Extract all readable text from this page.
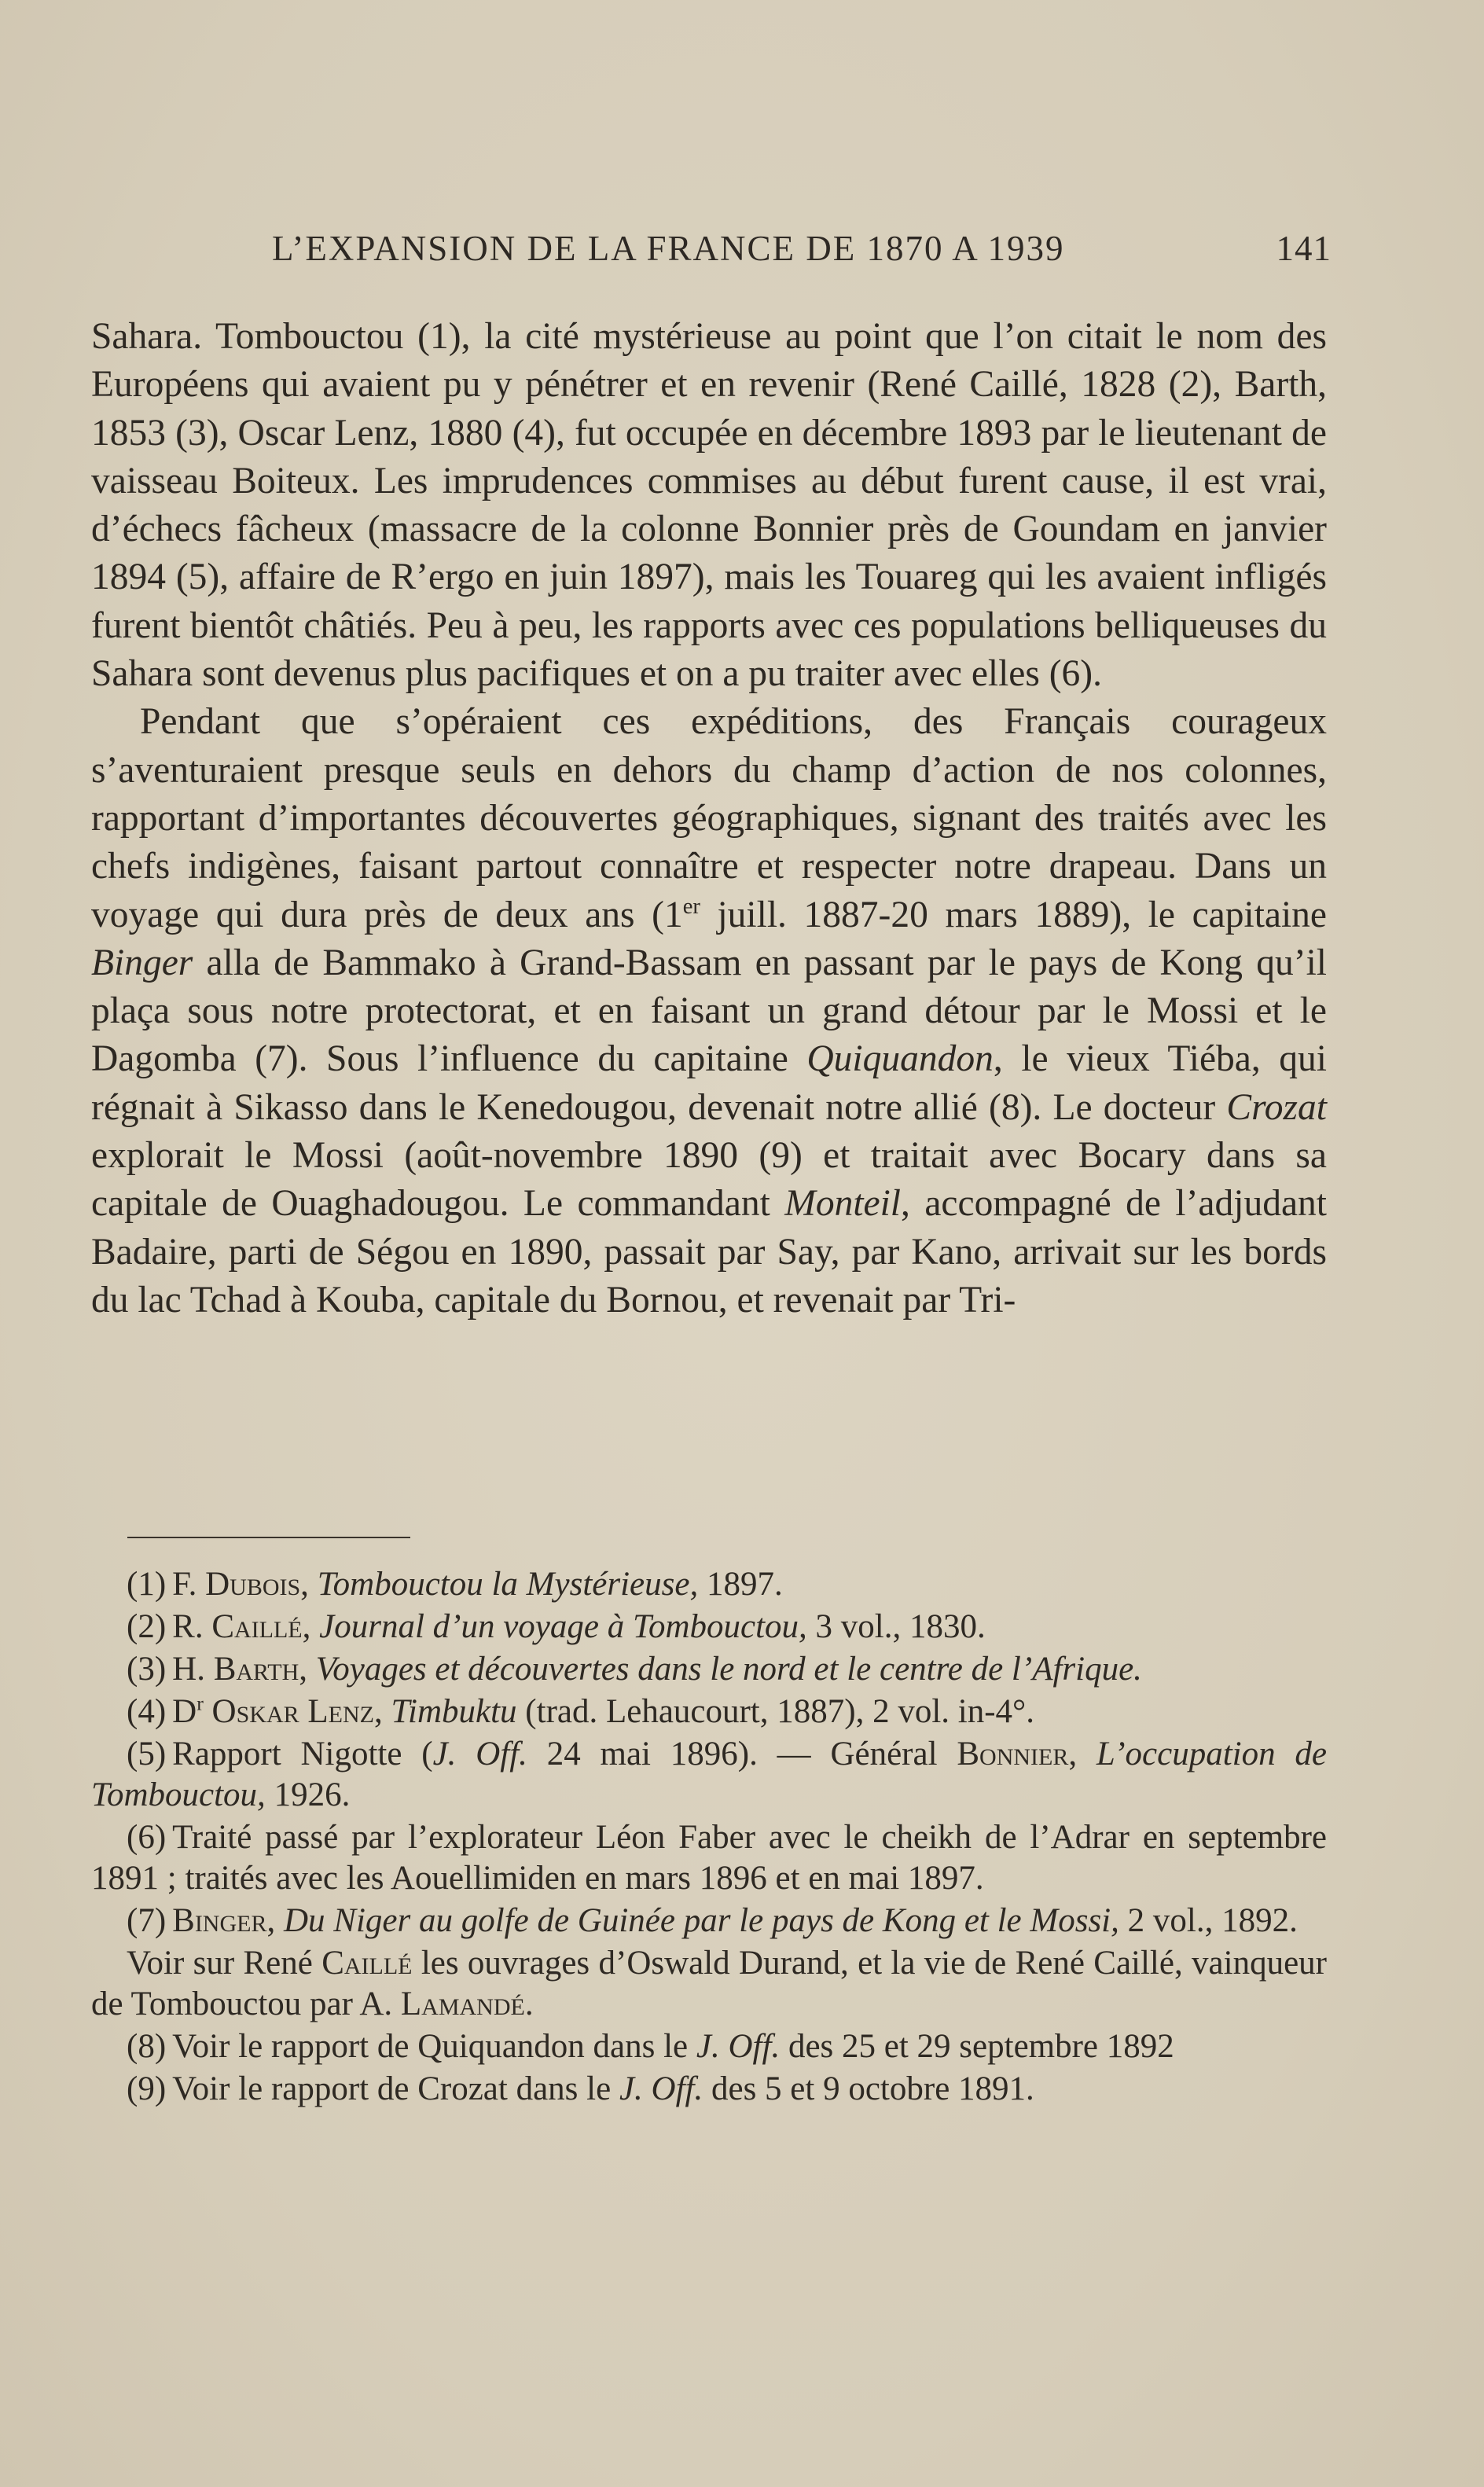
L’EXPANSION DE LA FRANCE DE 1870 A 1939	141

Sahara. Tombouctou (1), la cité mystérieuse au point que l’on citait le nom des Européens qui avaient pu y pénétrer et en revenir (René Caillé, 1828 (2), Barth, 1853 (3), Oscar Lenz, 1880 (4), fut occupée en décembre 1893 par le lieutenant de vaisseau Boiteux. Les imprudences commises au début furent cause, il est vrai, d’échecs fâcheux (massacre de la colonne Bonnier près de Goundam en janvier 1894 (5), affaire de R’ergo en juin 1897), mais les Touareg qui les avaient infligés furent bientôt châtiés. Peu à peu, les rapports avec ces populations belliqueuses du Sahara sont devenus plus pacifiques et on a pu traiter avec elles (6).

Pendant que s’opéraient ces expéditions, des Français courageux s’aventuraient presque seuls en dehors du champ d’action de nos colonnes, rapportant d’importantes découvertes géographiques, signant des traités avec les chefs indigènes, faisant partout connaître et respecter notre drapeau. Dans un voyage qui dura près de deux ans (1er juill. 1887-20 mars 1889), le capitaine Binger alla de Bammako à Grand-Bassam en passant par le pays de Kong qu’il plaça sous notre protectorat, et en faisant un grand détour par le Mossi et le Dagomba (7). Sous l’influence du capitaine Quiquandon, le vieux Tiéba, qui régnait à Sikasso dans le Kenedougou, devenait notre allié (8). Le docteur Crozat explorait le Mossi (août-novembre 1890 (9) et traitait avec Bocary dans sa capitale de Ouaghadougou. Le commandant Monteil, accompagné de l’adjudant Badaire, parti de Ségou en 1890, passait par Say, par Kano, arrivait sur les bords du lac Tchad à Kouba, capitale du Bornou, et revenait par Tri-

(1) F. Dubois, Tombouctou la Mystérieuse, 1897.

(2) R. Caillé, Journal d’un voyage à Tombouctou, 3 vol., 1830.

(3) H. Barth, Voyages et découvertes dans le nord et le centre de l’Afrique.

(4) $D^r$ Oskar Lenz, Timbuktu (trad. Lehaucourt, 1887), 2 vol. in-4°.

(5) Rapport Nigotte (J. Off. 24 mai 1896). — Général Bonnier, L’occupation de Tombouctou, 1926.

(6) Traité passé par l’explorateur Léon Faber avec le cheikh de l’Adrar en septembre 1891 ; traités avec les Aouellimiden en mars 1896 et en mai 1897.

(7) Binger, Du Niger au golfe de Guinée par le pays de Kong et le Mossi, 2 vol., 1892.

Voir sur René Caillé les ouvrages d’Oswald Durand, et la vie de René Caillé, vainqueur de Tombouctou par A. Lamandé.

(8) Voir le rapport de Quiquandon dans le J. Off. des 25 et 29 septembre 1892

(9) Voir le rapport de Crozat dans le J. Off. des 5 et 9 octobre 1891.
